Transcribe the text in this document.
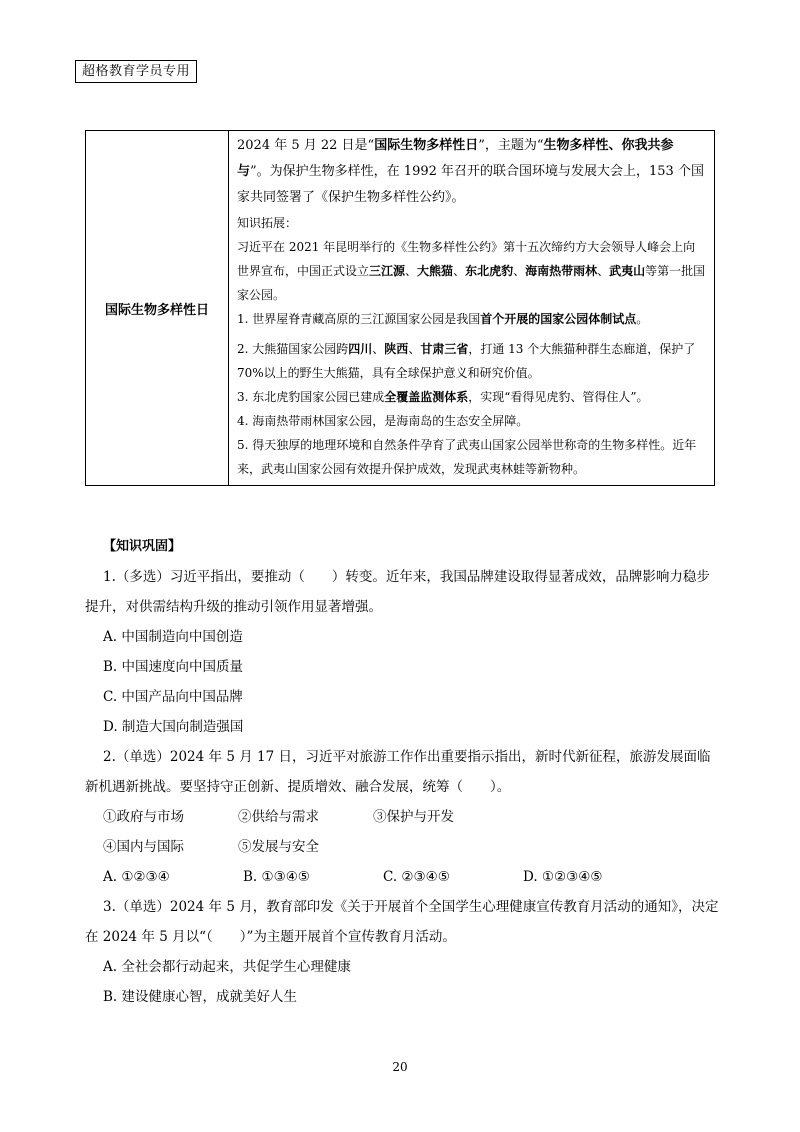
超格教育学员专用
国际生物多样性日	

2024 年 5 月 22 日是“国际生物多样性日”，主题为“生物多样性、你我共参与”。为保护生物多样性，在 1992 年召开的联合国环境与发展大会上，153 个国家共同签署了《保护生物多样性公约》。

知识拓展：

习近平在 2021 年昆明举行的《生物多样性公约》第十五次缔约方大会领导人峰会上向世界宣布，中国正式设立三江源、大熊猫、东北虎豹、海南热带雨林、武夷山等第一批国家公园。

1. 世界屋脊青藏高原的三江源国家公园是我国首个开展的国家公园体制试点。

2. 大熊猫国家公园跨四川、陕西、甘肃三省，打通 13 个大熊猫种群生态廊道，保护了 70%以上的野生大熊猫，具有全球保护意义和研究价值。

3. 东北虎豹国家公园已建成全覆盖监测体系，实现“看得见虎豹、管得住人”。

4. 海南热带雨林国家公园，是海南岛的生态安全屏障。

5. 得天独厚的地理环境和自然条件孕育了武夷山国家公园举世称奇的生物多样性。近年来，武夷山国家公园有效提升保护成效，发现武夷林蛙等新物种。

【知识巩固】

1.（多选）习近平指出，要推动（　　）转变。近年来，我国品牌建设取得显著成效，品牌影响力稳步提升，对供需结构升级的推动引领作用显著增强。

A. 中国制造向中国创造

B. 中国速度向中国质量

C. 中国产品向中国品牌

D. 制造大国向制造强国

2.（单选）2024 年 5 月 17 日，习近平对旅游工作作出重要指示指出，新时代新征程，旅游发展面临新机遇新挑战。要坚持守正创新、提质增效、融合发展，统筹（　　）。

①政府与市场	②供给与需求	③保护与开发
④国内与国际	⑤发展与安全
A. ①②③④	B. ①③④⑤	C. ②③④⑤	D. ①②③④⑤

3.（单选）2024 年 5 月，教育部印发《关于开展首个全国学生心理健康宣传教育月活动的通知》，决定在 2024 年 5 月以“（　　）”为主题开展首个宣传教育月活动。

A. 全社会都行动起来，共促学生心理健康

B. 建设健康心智，成就美好人生

20
